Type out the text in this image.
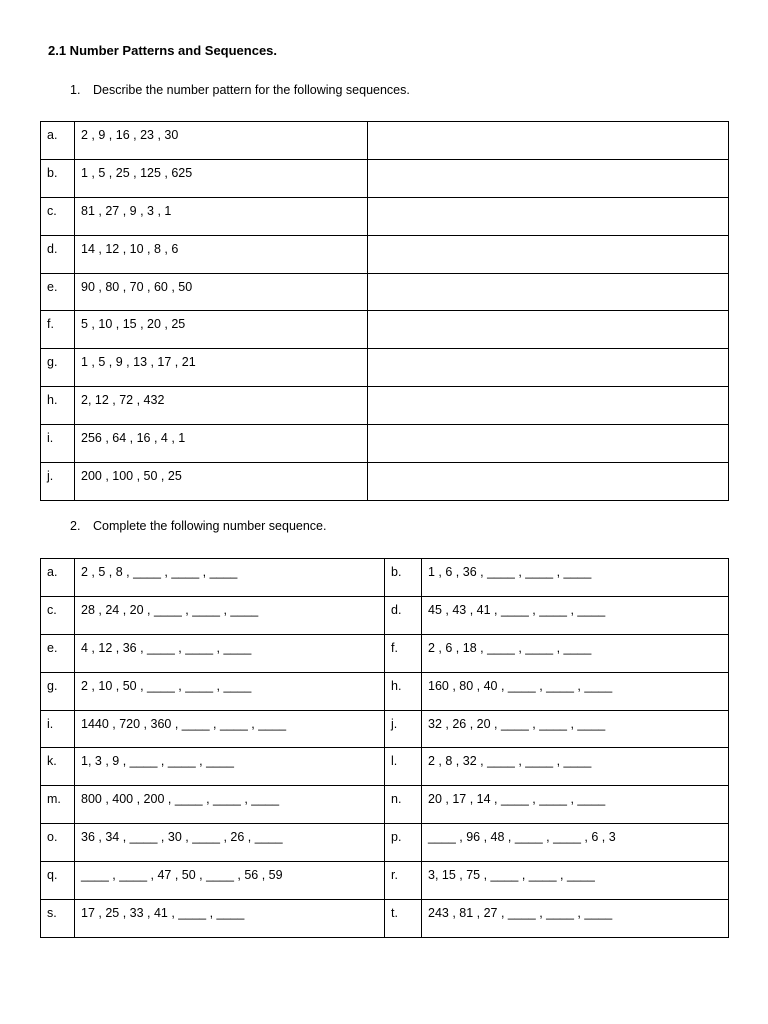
2.1 Number Patterns and Sequences.
1. Describe the number pattern for the following sequences.
a.	2 , 9 , 16 , 23 , 30	
b.	1 , 5 , 25 , 125 , 625	
c.	81 , 27 , 9 , 3 , 1	
d.	14 , 12 , 10 , 8 , 6	
e.	90 , 80 , 70 , 60 , 50	
f.	5 , 10 , 15 , 20 , 25	
g.	1 , 5 , 9 , 13 , 17 , 21	
h.	2, 12 , 72 , 432	
i.	256 , 64 , 16 , 4 , 1	
j.	200 , 100 , 50 , 25	
2. Complete the following number sequence.
a.	2 , 5 , 8 , ____ , ____ , ____	b.	1 , 6 , 36 , ____ , ____ , ____
c.	28 , 24 , 20 , ____ , ____ , ____	d.	45 , 43 , 41 , ____ , ____ , ____
e.	4 , 12 , 36 , ____ , ____ , ____	f.	2 , 6 , 18 , ____ , ____ , ____
g.	2 , 10 , 50 , ____ , ____ , ____	h.	160 , 80 , 40 , ____ , ____ , ____
i.	1440 , 720 , 360 , ____ , ____ , ____	j.	32 , 26 , 20 , ____ , ____ , ____
k.	1, 3 , 9 , ____ , ____ , ____	l.	2 , 8 , 32 , ____ , ____ , ____
m.	800 , 400 , 200 , ____ , ____ , ____	n.	20 , 17 , 14 , ____ , ____ , ____
o.	36 , 34 , ____ , 30 , ____ , 26 , ____	p.	____ , 96 , 48 , ____ , ____ , 6 , 3
q.	____ , ____ , 47 , 50 , ____ , 56 , 59	r.	3, 15 , 75 , ____ , ____ , ____
s.	17 , 25 , 33 , 41 , ____ , ____	t.	243 , 81 , 27 , ____ , ____ , ____
